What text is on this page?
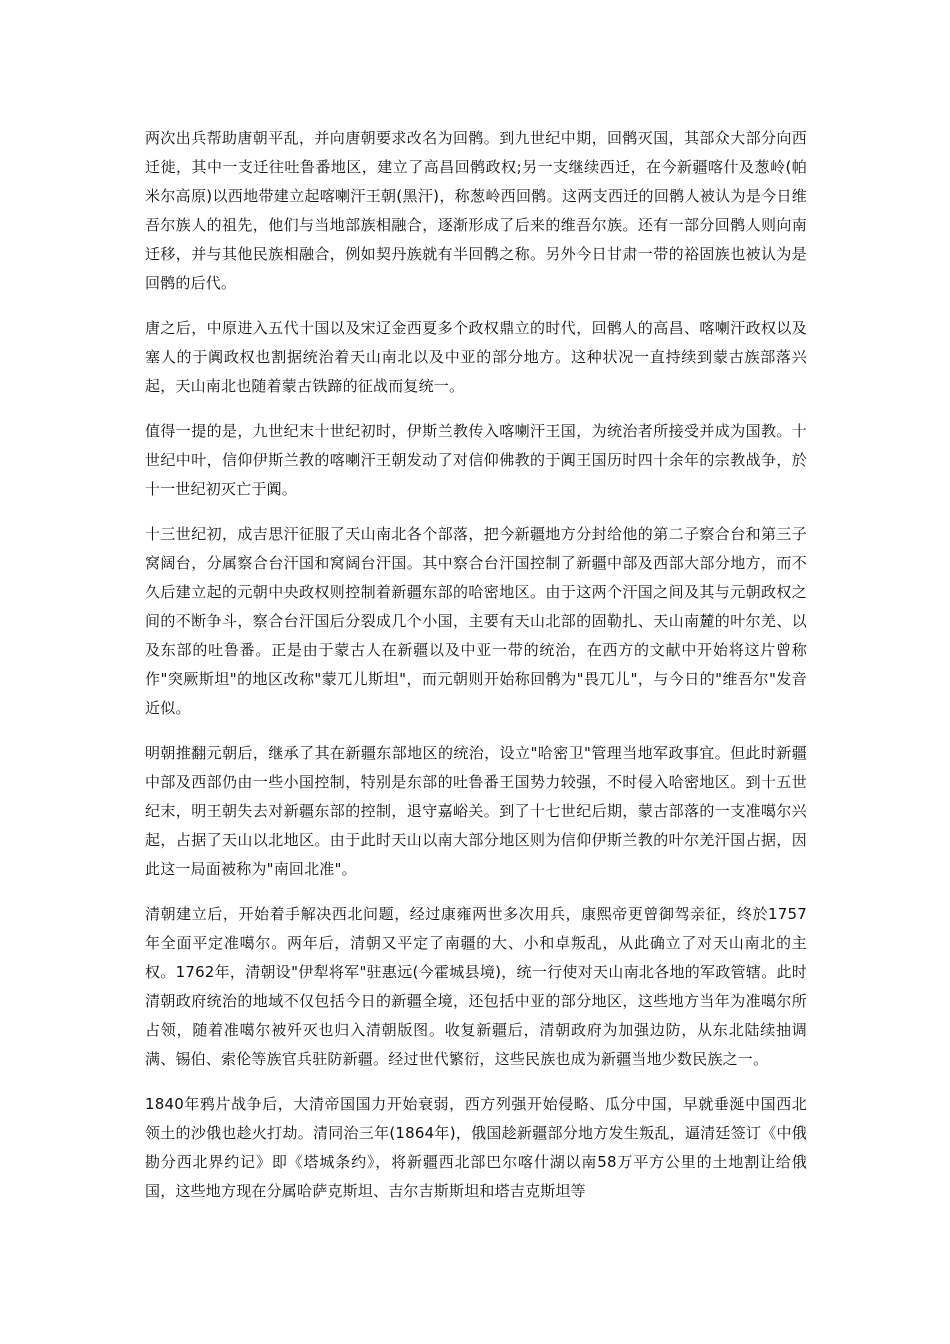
两次出兵帮助唐朝平乱，并向唐朝要求改名为回鹘。到九世纪中期，回鹘灭国，其部众大部分向西迁徙，其中一支迁往吐鲁番地区，建立了高昌回鹘政权;另一支继续西迁，在今新疆喀什及葱岭(帕米尔高原)以西地带建立起喀喇汗王朝(黑汗)，称葱岭西回鹘。这两支西迁的回鹘人被认为是今日维吾尔族人的祖先，他们与当地部族相融合，逐渐形成了后来的维吾尔族。还有一部分回鹘人则向南迁移，并与其他民族相融合，例如契丹族就有半回鹘之称。另外今日甘肃一带的裕固族也被认为是回鹘的后代。

唐之后，中原进入五代十国以及宋辽金西夏多个政权鼎立的时代，回鹘人的高昌、喀喇汗政权以及塞人的于阗政权也割据统治着天山南北以及中亚的部分地方。这种状况一直持续到蒙古族部落兴起，天山南北也随着蒙古铁蹄的征战而复统一。

值得一提的是，九世纪末十世纪初时，伊斯兰教传入喀喇汗王国，为统治者所接受并成为国教。十世纪中叶，信仰伊斯兰教的喀喇汗王朝发动了对信仰佛教的于阗王国历时四十余年的宗教战争，於十一世纪初灭亡于阗。

十三世纪初，成吉思汗征服了天山南北各个部落，把今新疆地方分封给他的第二子察合台和第三子窝阔台，分属察合台汗国和窝阔台汗国。其中察合台汗国控制了新疆中部及西部大部分地方，而不久后建立起的元朝中央政权则控制着新疆东部的哈密地区。由于这两个汗国之间及其与元朝政权之间的不断争斗，察合台汗国后分裂成几个小国，主要有天山北部的固勒扎、天山南麓的叶尔羌、以及东部的吐鲁番。正是由于蒙古人在新疆以及中亚一带的统治，在西方的文献中开始将这片曾称作"突厥斯坦"的地区改称"蒙兀儿斯坦"，而元朝则开始称回鹘为"畏兀儿"，与今日的"维吾尔"发音近似。

明朝推翻元朝后，继承了其在新疆东部地区的统治，设立"哈密卫"管理当地军政事宜。但此时新疆中部及西部仍由一些小国控制，特别是东部的吐鲁番王国势力较强，不时侵入哈密地区。到十五世纪末，明王朝失去对新疆东部的控制，退守嘉峪关。到了十七世纪后期，蒙古部落的一支准噶尔兴起，占据了天山以北地区。由于此时天山以南大部分地区则为信仰伊斯兰教的叶尔羌汗国占据，因此这一局面被称为"南回北准"。

清朝建立后，开始着手解决西北问题，经过康雍两世多次用兵，康熙帝更曾御驾亲征，终於1757年全面平定准噶尔。两年后，清朝又平定了南疆的大、小和卓叛乱，从此确立了对天山南北的主权。1762年，清朝设"伊犁将军"驻惠远(今霍城县境)，统一行使对天山南北各地的军政管辖。此时清朝政府统治的地域不仅包括今日的新疆全境，还包括中亚的部分地区，这些地方当年为准噶尔所占领，随着准噶尔被歼灭也归入清朝版图。收复新疆后，清朝政府为加强边防，从东北陆续抽调满、锡伯、索伦等族官兵驻防新疆。经过世代繁衍，这些民族也成为新疆当地少数民族之一。

1840年鸦片战争后，大清帝国国力开始衰弱，西方列强开始侵略、瓜分中国，早就垂涎中国西北领土的沙俄也趁火打劫。清同治三年(1864年)，俄国趁新疆部分地方发生叛乱，逼清廷签订《中俄勘分西北界约记》即《塔城条约》，将新疆西北部巴尔喀什湖以南58万平方公里的土地割让给俄国，这些地方现在分属哈萨克斯坦、吉尔吉斯斯坦和塔吉克斯坦等
